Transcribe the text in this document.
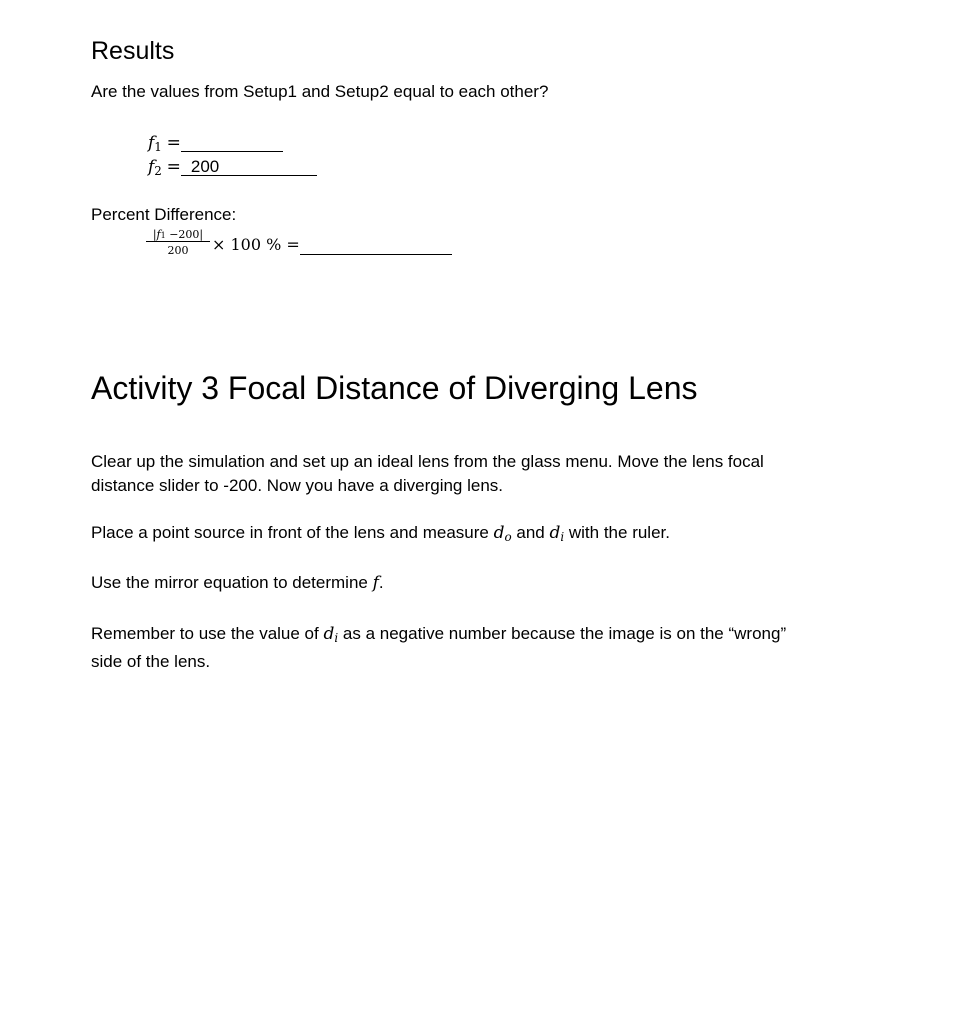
Results
Are the values from Setup1 and Setup2 equal to each other?
$f_1$ =
$f_2 = 200$
Percent Difference:
$\frac{|f1 -200|}{200} \times 100$ % =
Activity 3 Focal Distance of Diverging Lens
Clear up the simulation and set up an ideal lens from the glass menu. Move the lens focal
distance slider to -200. Now you have a diverging lens.
Place a point source in front of the lens and measure $d_o$ and $d_i$ with the ruler.
Use the mirror equation to determine f.
Remember to use the value of $d_i$ as a negative number because the image is on the “wrong”
side of the lens.
